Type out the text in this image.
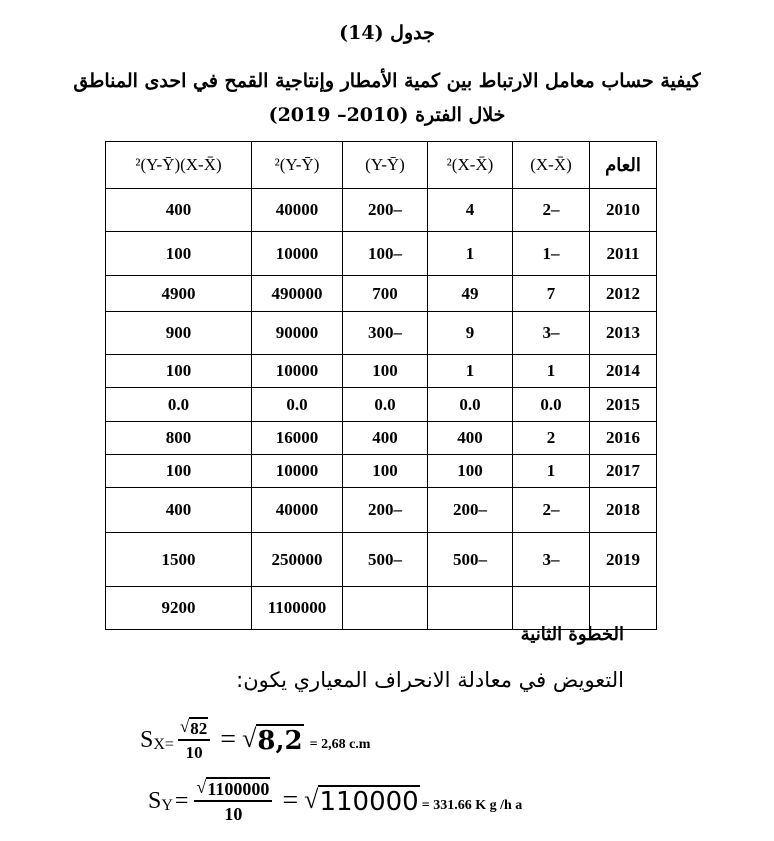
جدول (14)
كيفية حساب معامل الارتباط بين كمية الأمطار وإنتاجية القمح في احدى المناطق
خلال الفترة (2010– 2019)
العام	(X-X̄)	(X-X̄)²	(Y-Ȳ)	(Y-Ȳ)²	(X-X̄)(Y-Ȳ)²
2010	–2	4	–200	40000	400
2011	–1	1	–100	10000	100
2012	7	49	700	490000	4900
2013	–3	9	–300	90000	900
2014	1	1	100	10000	100
2015	0.0	0.0	0.0	0.0	0.0
2016	2	400	400	16000	800
2017	1	100	100	10000	100
2018	–2	–200	–200	40000	400
2019	–3	–500	–500	250000	1500
				1100000	9200
الخطوة الثانية
التعويض في معادلة الانحراف المعياري يكون:
S $X = \frac{√ 82}{10}$ = √ 8,2 = 2,68 c.m
S $Y = \frac{√ 1100000}{10}$ = √ 110000 = 331.66 K g /h a
